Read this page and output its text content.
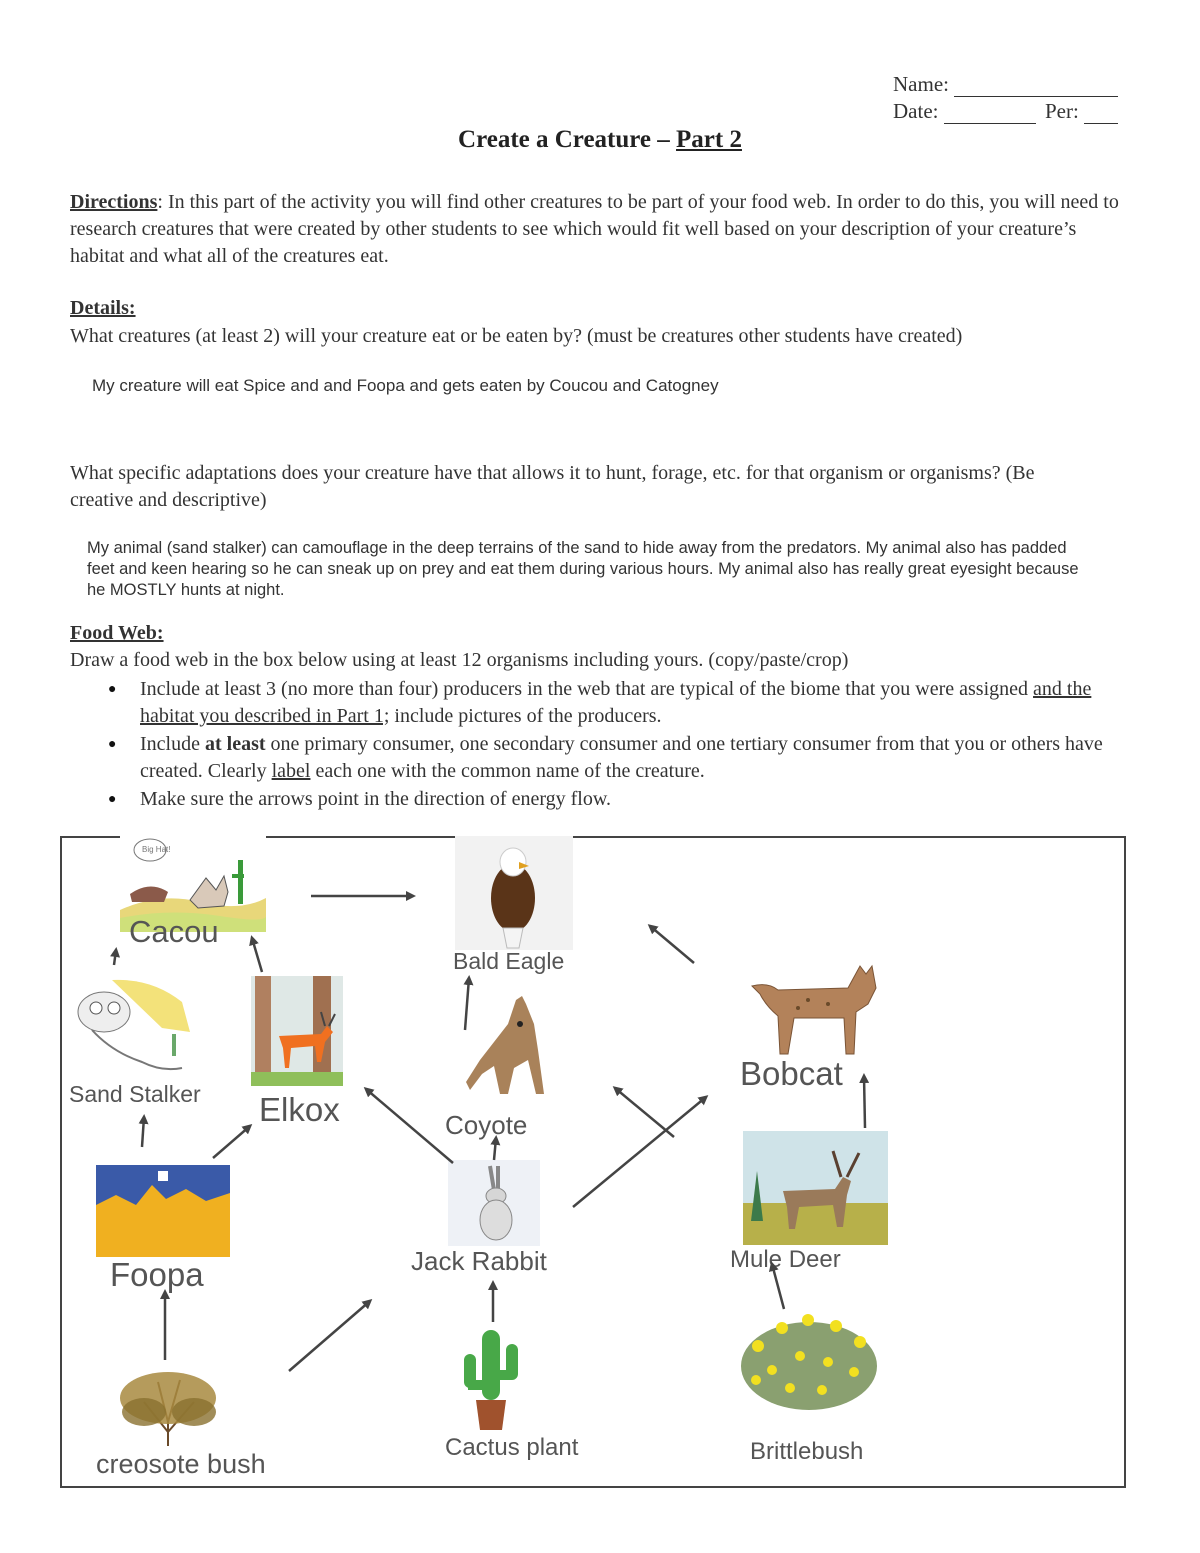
Name:
Date:	Per:
Create a Creature – Part 2
Directions: In this part of the activity you will find other creatures to be part of your food web. In order to do this, you will need to research creatures that were created by other students to see which would fit well based on your description of your creature’s habitat and what all of the creatures eat.
Details:
What creatures (at least 2) will your creature eat or be eaten by? (must be creatures other students have created)
My creature will eat Spice and and Foopa and gets eaten by Coucou and Catogney
What specific adaptations does your creature have that allows it to hunt, forage, etc. for that organism or organisms? (Be creative and descriptive)
My animal (sand stalker) can camouflage in the deep terrains of the sand to hide away from the predators. My animal also has padded feet and keen hearing so he can sneak up on prey and eat them during various hours. My animal also has really great eyesight because he MOSTLY hunts at night.
Food Web:
Draw a food web in the box below using at least 12 organisms including yours. (copy/paste/crop)
● Include at least 3 (no more than four) producers in the web that are typical of the biome that you were assigned and the habitat you described in Part 1; include pictures of the producers.
● Include at least one primary consumer, one secondary consumer and one tertiary consumer from that you or others have created. Clearly label each one with the common name of the creature.
● Make sure the arrows point in the direction of energy flow.
Big Hat!
Cacou
Bald Eagle
Sand Stalker Elkox	Coyote
Bobcat
Foopa	Jack Rabbit	Mule Deer
creosote bush
Cactus plant	Brittlebush
